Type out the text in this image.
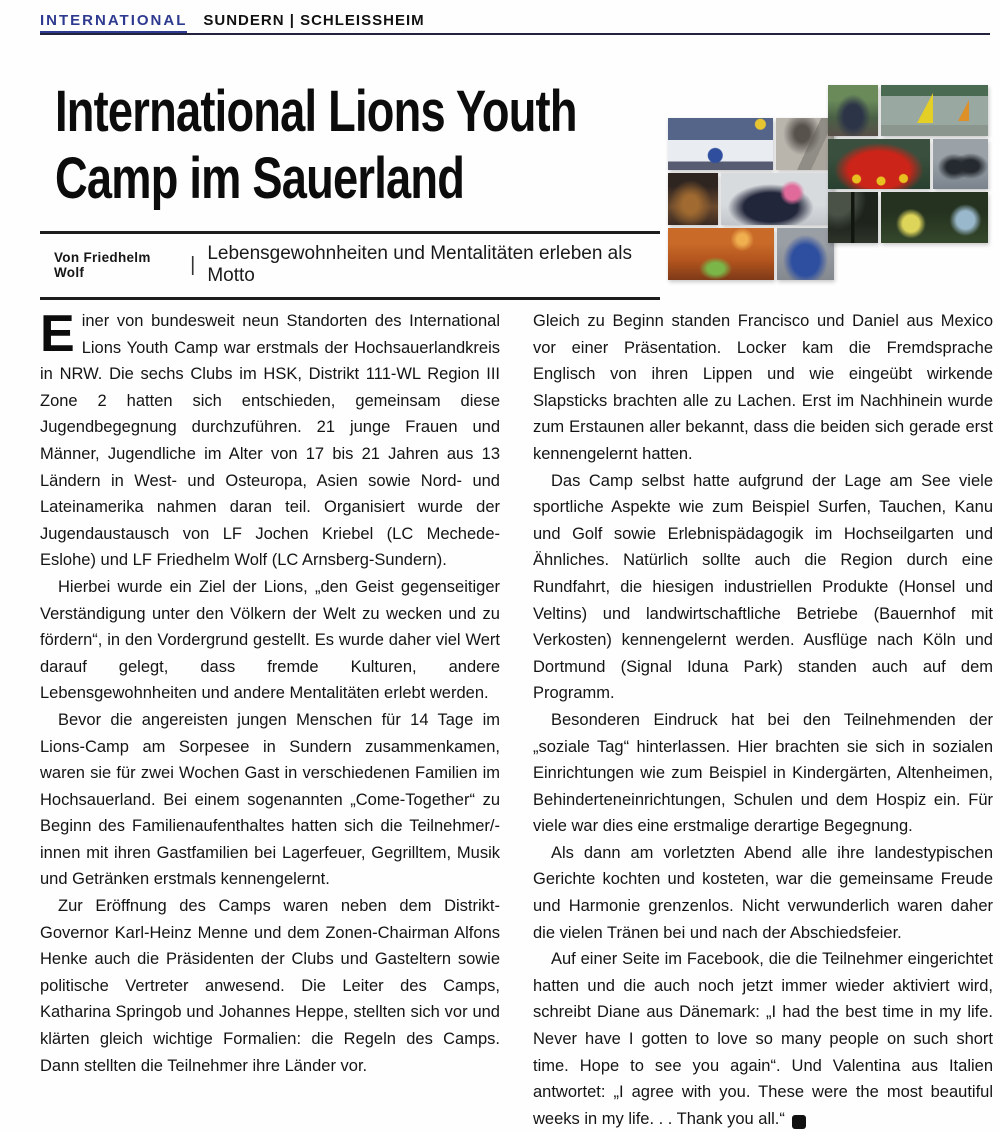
INTERNATIONAL SUNDERN | SCHLEISSHEIM
International Lions Youth
Camp im Sauerland
Von Friedhelm Wolf	|
Lebensgewohnheiten und Mentalitäten erleben als Motto

Einer von bundesweit neun Standorten des International Lions Youth Camp war erstmals der Hochsauerlandkreis in NRW. Die sechs Clubs im HSK, Distrikt 111-WL Region III Zone 2 hatten sich entschieden, gemeinsam diese Jugendbegegnung durchzuführen. 21 junge Frauen und Männer, Jugendliche im Alter von 17 bis 21 Jahren aus 13 Ländern in West- und Osteuropa, Asien sowie Nord- und Lateinamerika nahmen daran teil. Organisiert wurde der Jugendaustausch von LF Jochen Kriebel (LC Mechede-Eslohe) und LF Friedhelm Wolf (LC Arnsberg-Sundern).

Hierbei wurde ein Ziel der Lions, „den Geist gegenseitiger Verständigung unter den Völkern der Welt zu wecken und zu fördern“, in den Vordergrund gestellt. Es wurde daher viel Wert darauf gelegt, dass fremde Kulturen, andere Lebensgewohnheiten und andere Mentalitäten erlebt werden.

Bevor die angereisten jungen Menschen für 14 Tage im Lions-Camp am Sorpesee in Sundern zusammenkamen, waren sie für zwei Wochen Gast in verschiedenen Familien im Hochsauerland. Bei einem sogenannten „Come-Together“ zu Beginn des Familienaufenthaltes hatten sich die Teilnehmer/-innen mit ihren Gastfamilien bei Lagerfeuer, Gegrilltem, Musik und Getränken erstmals kennengelernt.

Zur Eröffnung des Camps waren neben dem Distrikt-Governor Karl-Heinz Menne und dem Zonen-Chairman Alfons Henke auch die Präsidenten der Clubs und Gasteltern sowie politische Vertreter anwesend. Die Leiter des Camps, Katharina Springob und Johannes Heppe, stellten sich vor und klärten gleich wichtige Formalien: die Regeln des Camps. Dann stellten die Teilnehmer ihre Länder vor.

Gleich zu Beginn standen Francisco und Daniel aus Mexico vor einer Präsentation. Locker kam die Fremdsprache Englisch von ihren Lippen und wie eingeübt wirkende Slapsticks brachten alle zu Lachen. Erst im Nachhinein wurde zum Erstaunen aller bekannt, dass die beiden sich gerade erst kennengelernt hatten.

Das Camp selbst hatte aufgrund der Lage am See viele sportliche Aspekte wie zum Beispiel Surfen, Tauchen, Kanu und Golf sowie Erlebnispädagogik im Hochseilgarten und Ähnliches. Natürlich sollte auch die Region durch eine Rundfahrt, die hiesigen industriellen Produkte (Honsel und Veltins) und landwirtschaftliche Betriebe (Bauernhof mit Verkosten) kennengelernt werden. Ausflüge nach Köln und Dortmund (Signal Iduna Park) standen auch auf dem Programm.

Besonderen Eindruck hat bei den Teilnehmenden der „soziale Tag“ hinterlassen. Hier brachten sie sich in sozialen Einrichtungen wie zum Beispiel in Kindergärten, Altenheimen, Behinderteneinrichtungen, Schulen und dem Hospiz ein. Für viele war dies eine erstmalige derartige Begegnung.

Als dann am vorletzten Abend alle ihre landestypischen Gerichte kochten und kosteten, war die gemeinsame Freude und Harmonie grenzenlos. Nicht verwunderlich waren daher die vielen Tränen bei und nach der Abschiedsfeier.

Auf einer Seite im Facebook, die die Teilnehmer eingerichtet hatten und die auch noch jetzt immer wieder aktiviert wird, schreibt Diane aus Dänemark: „I had the best time in my life. Never have I gotten to love so many people on such short time. Hope to see you again“. Und Valentina aus Italien antwortet: „I agree with you. These were the most beautiful weeks in my life. . . Thank you all.“ L
